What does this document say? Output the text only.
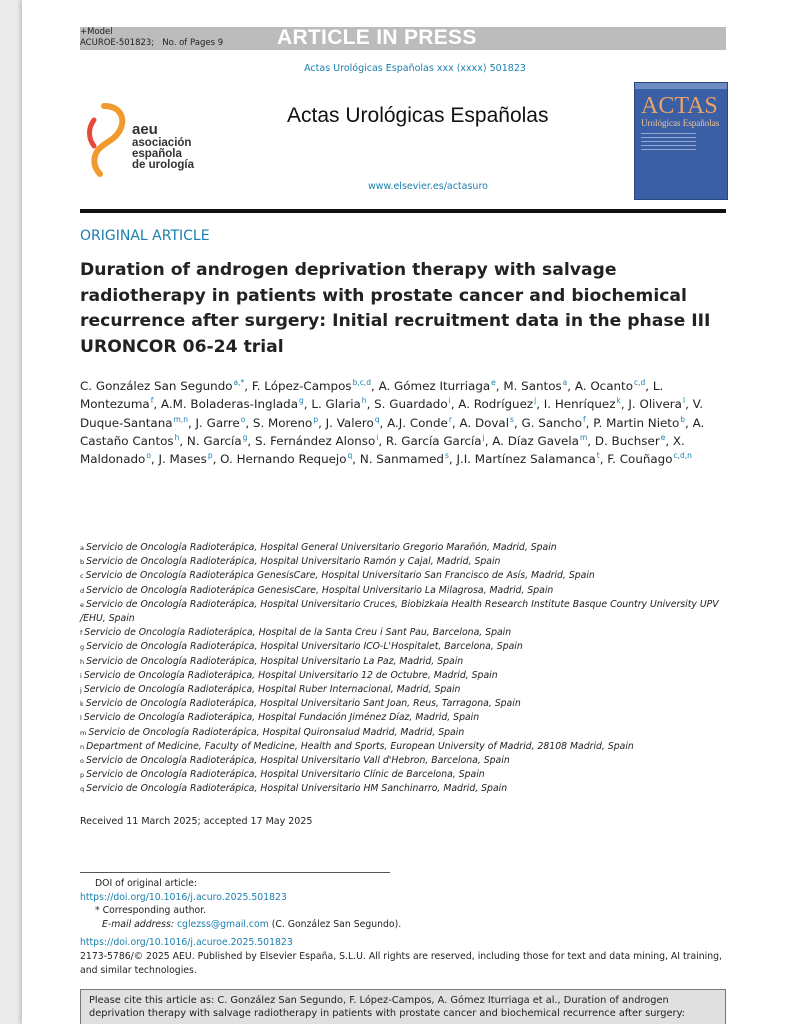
+Model
ACUROE-501823; No. of Pages 9	ARTICLE IN PRESS
Actas Urológicas Españolas xxx (xxxx) 501823
aeu
asociación
española
de urología
Actas Urológicas Españolas
www.elsevier.es/actasuro
ACTAS
Urológicas Españolas
ORIGINAL ARTICLE
Duration of androgen deprivation therapy with salvage radiotherapy in patients with prostate cancer and biochemical recurrence after surgery: Initial recruitment data in the phase III URONCOR 06-24 trial

C. González San Segundo$^{a,*}$, F. López-Campos$^{b,c,d}$, A. Gómez Iturriaga$^e$, M. Santos$^a$, A. Ocanto$^{c,d}$, L. Montezuma$^f$, A.M. Boladeras-Inglada$^g$, L. Glaria$^h$, S. Guardado$^i$, A. Rodríguez$^j$, I. Henríquez$^k$, J. Olivera$^l$, V. Duque-Santana$^{m,n}$, J. Garre$^o$, S. Moreno$^p$, J. Valero$^q$, A.J. Conde$^r$, A. Doval$^s$, G. Sancho$^f$, P. Martin Nieto$^b$, A. Castaño Cantos$^h$, N. García$^g$, S. Fernández Alonso$^i$, R. García García$^j$, A. Díaz Gavela$^m$, D. Buchser$^e$, X. Maldonado$^o$, J. Mases$^p$, O. Hernando Requejo$^q$, N. Sanmamed$^s$, J.I. Martínez Salamanca$^t$, F. Couñago$^{c,d,n}$

$^a$ Servicio de Oncología Radioterápica, Hospital General Universitario Gregorio Marañón, Madrid, Spain
$^b$ Servicio de Oncología Radioterápica, Hospital Universitario Ramón y Cajal, Madrid, Spain
$^c$ Servicio de Oncología Radioterápica GenesisCare, Hospital Universitario San Francisco de Asís, Madrid, Spain
$^d$ Servicio de Oncología Radioterápica GenesisCare, Hospital Universitario La Milagrosa, Madrid, Spain
$^e$ Servicio de Oncología Radioterápica, Hospital Universitario Cruces, Biobizkaia Health Research Institute Basque Country University UPV /EHU, Spain
$^f$ Servicio de Oncología Radioterápica, Hospital de la Santa Creu i Sant Pau, Barcelona, Spain
$^g$ Servicio de Oncología Radioterápica, Hospital Universitario ICO-L'Hospitalet, Barcelona, Spain
$^h$ Servicio de Oncología Radioterápica, Hospital Universitario La Paz, Madrid, Spain
$^i$ Servicio de Oncología Radioterápica, Hospital Universitario 12 de Octubre, Madrid, Spain
$^j$ Servicio de Oncología Radioterápica, Hospital Ruber Internacional, Madrid, Spain
$^k$ Servicio de Oncología Radioterápica, Hospital Universitario Sant Joan, Reus, Tarragona, Spain
$^l$ Servicio de Oncología Radioterápica, Hospital Fundación Jiménez Díaz, Madrid, Spain
$^m$ Servicio de Oncología Radioterápica, Hospital Quironsalud Madrid, Madrid, Spain
$^n$ Department of Medicine, Faculty of Medicine, Health and Sports, European University of Madrid, 28108 Madrid, Spain
$^o$ Servicio de Oncología Radioterápica, Hospital Universitario Vall d'Hebron, Barcelona, Spain
$^p$ Servicio de Oncología Radioterápica, Hospital Universitario Clínic de Barcelona, Spain
$^q$ Servicio de Oncología Radioterápica, Hospital Universitario HM Sanchinarro, Madrid, Spain
Received 11 March 2025; accepted 17 May 2025
DOI of original article:
https://doi.org/10.1016/j.acuro.2025.501823
* Corresponding author.
E-mail address: cglezss@gmail.com (C. González San Segundo).
https://doi.org/10.1016/j.acuroe.2025.501823
2173-5786/© 2025 AEU. Published by Elsevier España, S.L.U. All rights are reserved, including those for text and data mining, AI training, and similar technologies.
Please cite this article as: C. González San Segundo, F. López-Campos, A. Gómez Iturriaga et al., Duration of androgen deprivation therapy with salvage radiotherapy in patients with prostate cancer and biochemical recurrence after surgery:
